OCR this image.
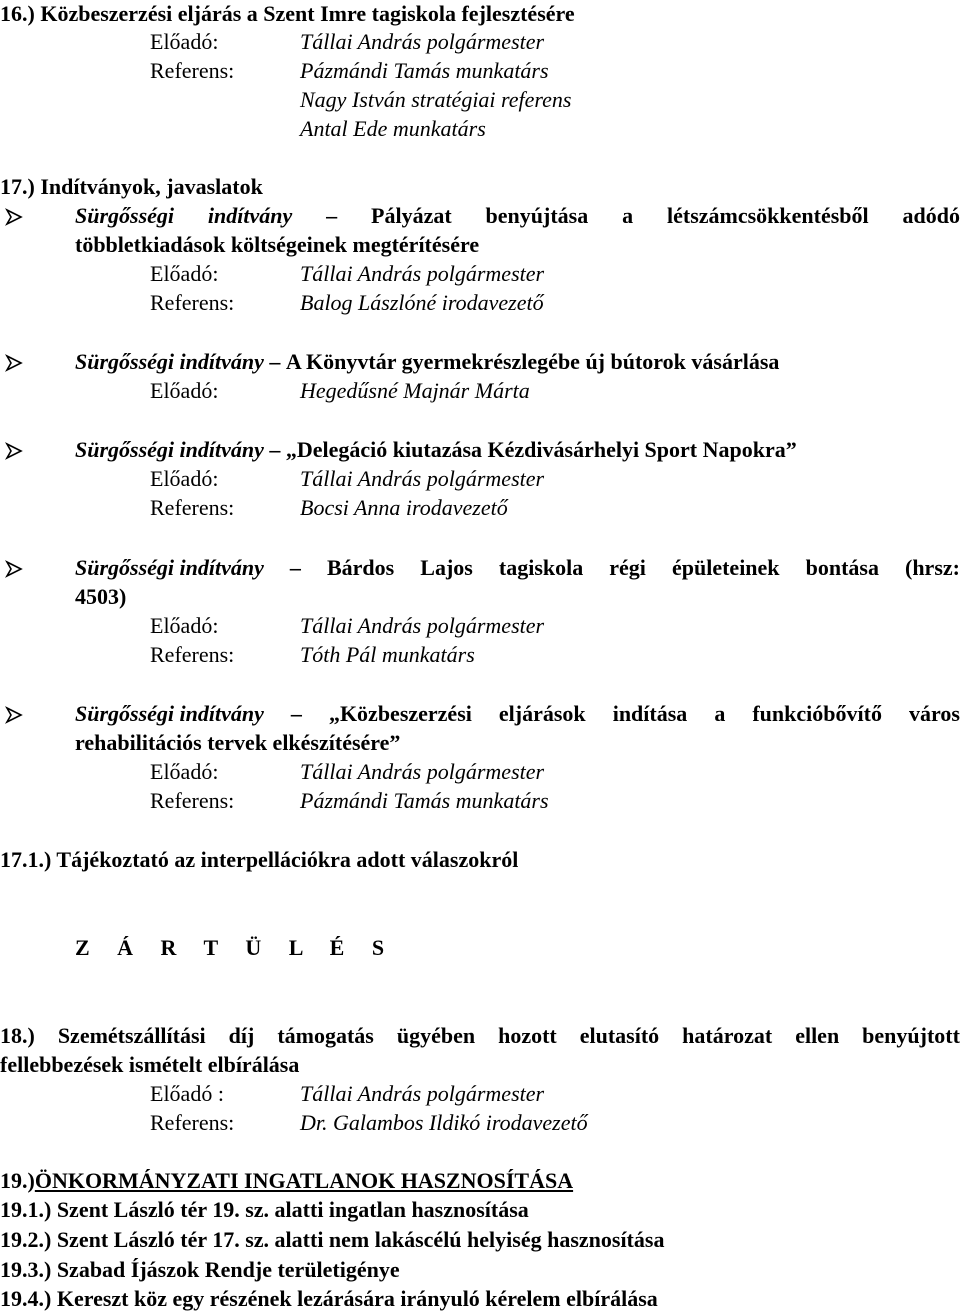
16.) Közbeszerzési eljárás a Szent Imre tagiskola fejlesztésére
Előadó:	Tállai András polgármester
Referens:	Pázmándi Tamás munkatárs
Nagy István stratégiai referens
Antal Ede munkatárs
17.) Indítványok, javaslatok
Sürgősségi indítvány – Pályázat benyújtása a létszámcsökkentésből adódó
többletkiadások költségeinek megtérítésére
Előadó:	Tállai András polgármester
Referens:	Balog Lászlóné irodavezető
Sürgősségi indítvány – A Könyvtár gyermekrészlegébe új bútorok vásárlása
Előadó:	Hegedűsné Majnár Márta
Sürgősségi indítvány – „Delegáció kiutazása Kézdivásárhelyi Sport Napokra”
Előadó:	Tállai András polgármester
Referens:	Bocsi Anna irodavezető
Sürgősségi indítvány – Bárdos Lajos tagiskola régi épületeinek bontása (hrsz:
4503)
Előadó:	Tállai András polgármester
Referens:	Tóth Pál munkatárs
Sürgősségi indítvány – „Közbeszerzési eljárások indítása a funkcióbővítő város
rehabilitációs tervek elkészítésére”
Előadó:	Tállai András polgármester
Referens:	Pázmándi Tamás munkatárs
17.1.) Tájékoztató az interpellációkra adott válaszokról
Z Á R T Ü L É S
18.) Szemétszállítási díj támogatás ügyében hozott elutasító határozat ellen benyújtott
fellebbezések ismételt elbírálása
Előadó :	Tállai András polgármester
Referens:	Dr. Galambos Ildikó irodavezető
19.)ÖNKORMÁNYZATI INGATLANOK HASZNOSÍTÁSA
19.1.) Szent László tér 19. sz. alatti ingatlan hasznosítása
19.2.) Szent László tér 17. sz. alatti nem lakáscélú helyiség hasznosítása
19.3.) Szabad Íjászok Rendje területigénye
19.4.) Kereszt köz egy részének lezárására irányuló kérelem elbírálása
